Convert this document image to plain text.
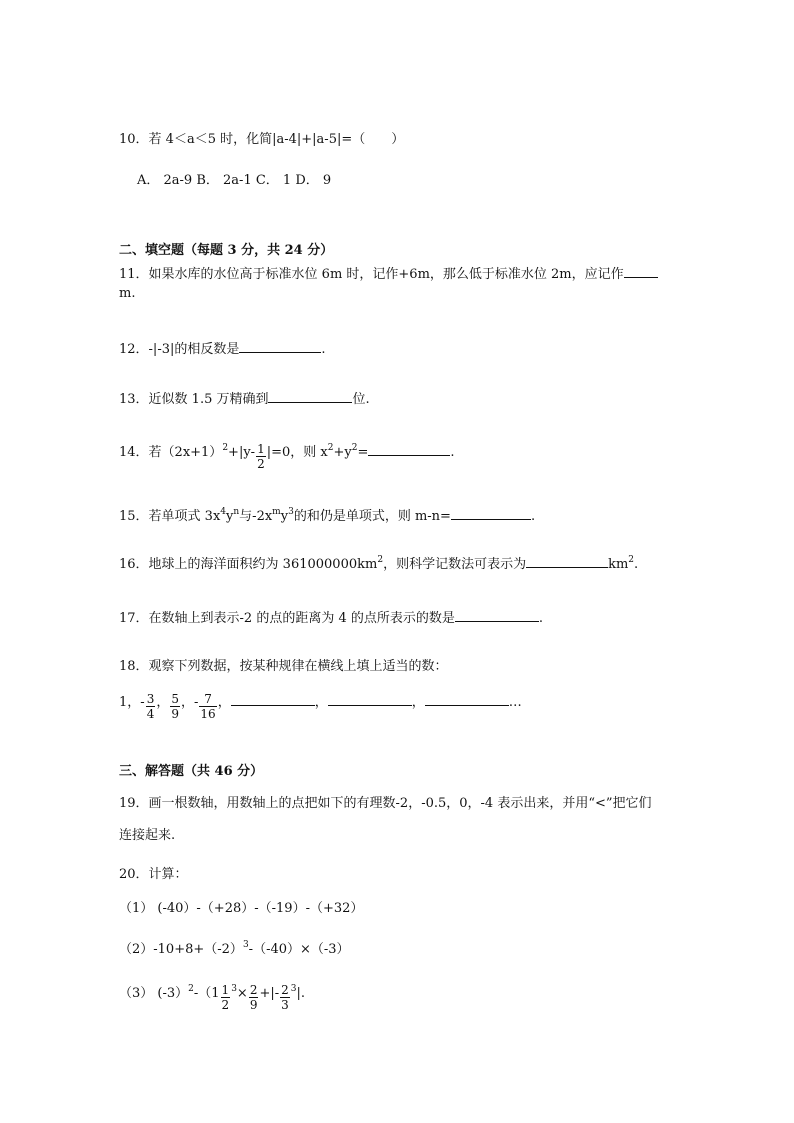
10．若 4＜a＜5 时，化简|a-4|+|a-5|=（　　）
A． 2a-9 B． 2a-1 C． 1 D． 9
二、填空题（每题 3 分，共 24 分）
11．如果水库的水位高于标准水位 6m 时，记作+6m，那么低于标准水位 2m，应记作
m.
12．-|-3|的相反数是	.
13．近似数 1.5 万精确到	位.
14．若$(2x+1)^2+|y- \frac{1}{2} |=0$，则 $x^2+y^2=$	.
15．若单项式 $3x^4y^n$与$-2x^my^3$的和仍是单项式，则 m-n=	.
16．地球上的海洋面积约为 $361000000km^2$，则科学记数法可表示为	$km^2$.
17．在数轴上到表示-2 的点的距离为 4 的点所表示的数是	.
18．观察下列数据，按某种规律在横线上填上适当的数：
1，- $\frac{3}{4}$ ， $\frac{5}{9}$ ，- $\frac{7}{16}$ ，	，	，	…
三、解答题（共 46 分）
19．画一根数轴，用数轴上的点把如下的有理数-2，-0.5，0，-4 表示出来，并用“<”把它们
连接起来.
20．计算：
（1） (-40）-（+28）-（-19）-（+32）
$(2)-10+8+(-2)^3-(-40)\times(-3)$
（3） $(-3)^2-(1 \frac{1}{2} ^3\times \frac{2}{9}$ +|- $\frac{2}{3} ^3|$.
